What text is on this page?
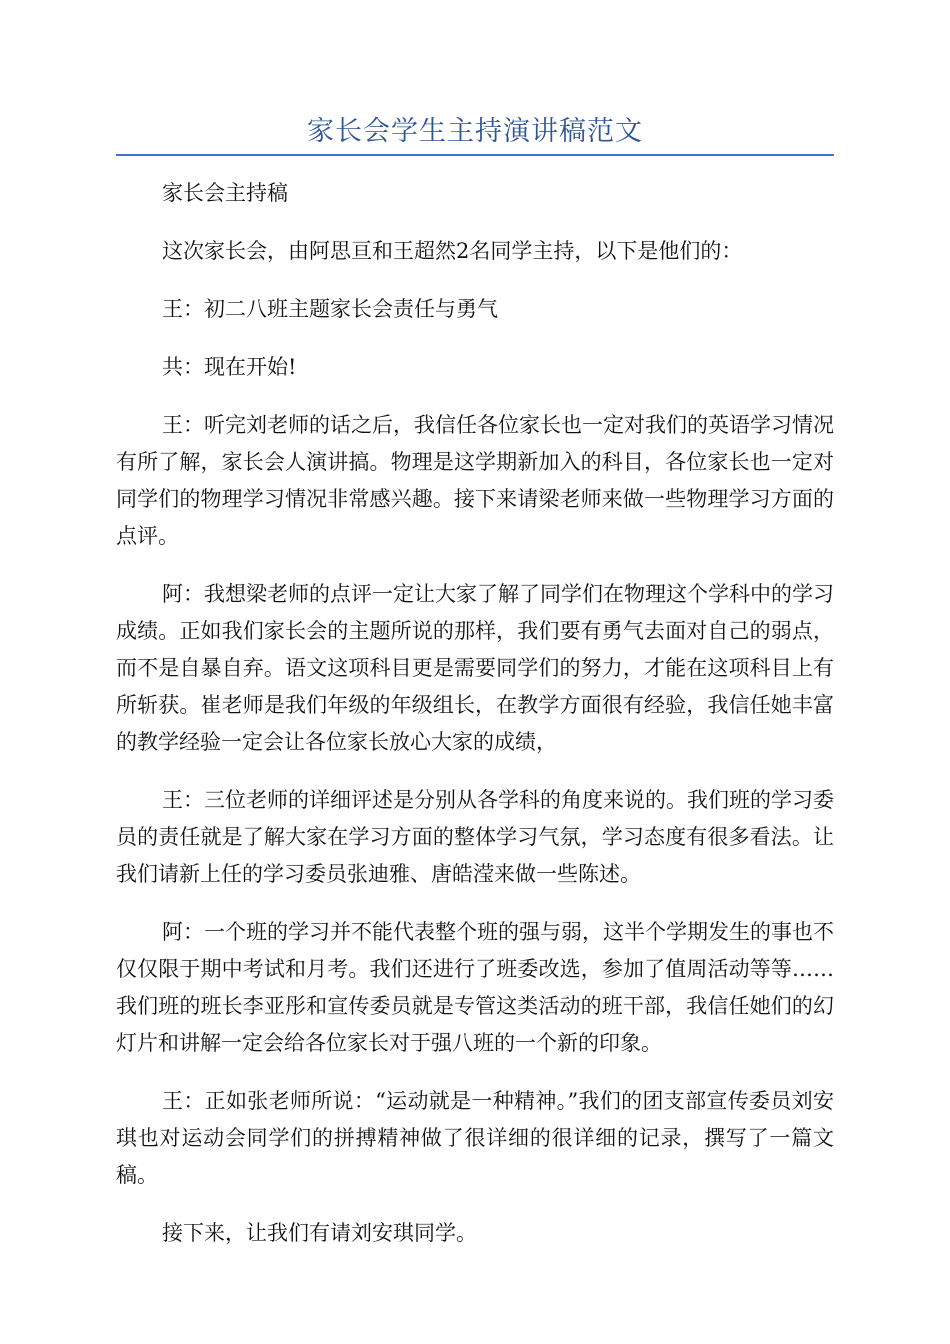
家长会学生主持演讲稿范文

家长会主持稿

这次家长会，由阿思亘和王超然2名同学主持，以下是他们的：

王：初二八班主题家长会责任与勇气

共：现在开始!

王：听完刘老师的话之后，我信任各位家长也一定对我们的英语学习情况有所了解，家长会人演讲搞。物理是这学期新加入的科目，各位家长也一定对同学们的物理学习情况非常感兴趣。接下来请梁老师来做一些物理学习方面的点评。

阿：我想梁老师的点评一定让大家了解了同学们在物理这个学科中的学习成绩。正如我们家长会的主题所说的那样，我们要有勇气去面对自己的弱点，而不是自暴自弃。语文这项科目更是需要同学们的努力，才能在这项科目上有所斩获。崔老师是我们年级的年级组长，在教学方面很有经验，我信任她丰富的教学经验一定会让各位家长放心大家的成绩，

王：三位老师的详细评述是分别从各学科的角度来说的。我们班的学习委员的责任就是了解大家在学习方面的整体学习气氛，学习态度有很多看法。让我们请新上任的学习委员张迪雅、唐皓滢来做一些陈述。

阿：一个班的学习并不能代表整个班的强与弱，这半个学期发生的事也不仅仅限于期中考试和月考。我们还进行了班委改选，参加了值周活动等等……我们班的班长李亚彤和宣传委员就是专管这类活动的班干部，我信任她们的幻灯片和讲解一定会给各位家长对于强八班的一个新的印象。

王：正如张老师所说：“运动就是一种精神。”我们的团支部宣传委员刘安琪也对运动会同学们的拼搏精神做了很详细的很详细的记录，撰写了一篇文稿。

接下来，让我们有请刘安琪同学。
